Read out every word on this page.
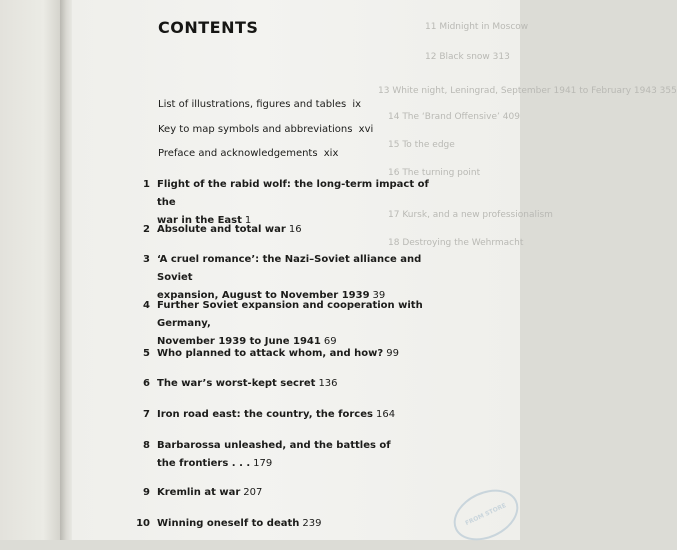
11 Midnight in Moscow
12 Black snow 313
13 White night, Leningrad, September 1941 to February 1943 355
14 The ‘Brand Offensive’ 409
15 To the edge
16 The turning point
17 Kursk, and a new professionalism
18 Destroying the Wehrmacht
CONTENTS
List of illustrations, figures and tables ix
Key to map symbols and abbreviations xvi
Preface and acknowledgements xix
1 Flight of the rabid wolf: the long-term impact of the
war in the East 1
2 Absolute and total war 16
3 ‘A cruel romance’: the Nazi–Soviet alliance and Soviet
expansion, August to November 1939 39
4 Further Soviet expansion and cooperation with Germany,
November 1939 to June 1941 69
5 Who planned to attack whom, and how? 99
6 The war’s worst-kept secret 136
7 Iron road east: the country, the forces 164
8 Barbarossa unleashed, and the battles of
the frontiers . . . 179
9 Kremlin at war 207
10 Winning oneself to death 239	FROM STORE
